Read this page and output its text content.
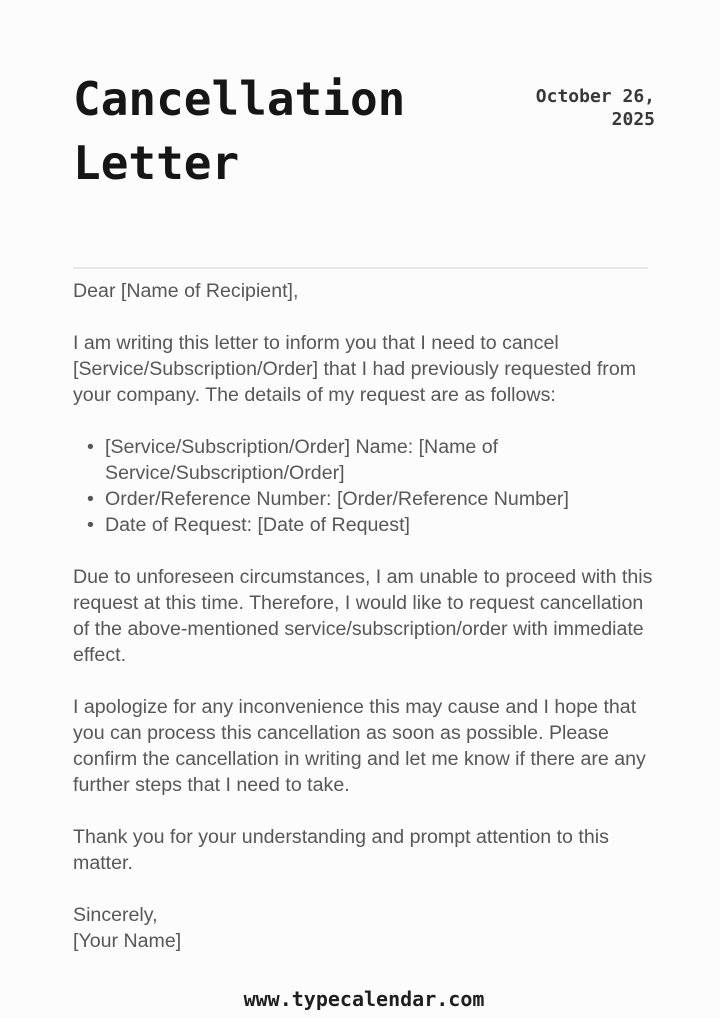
Cancellation Letter
October 26, 2025

Dear [Name of Recipient],

I am writing this letter to inform you that I need to cancel [Service/Subscription/Order] that I had previously requested from your company. The details of my request are as follows:

• [Service/Subscription/Order] Name: [Name of Service/Subscription/Order]
• Order/Reference Number: [Order/Reference Number]
• Date of Request: [Date of Request]

Due to unforeseen circumstances, I am unable to proceed with this request at this time. Therefore, I would like to request cancellation of the above-mentioned service/subscription/order with immediate effect.

I apologize for any inconvenience this may cause and I hope that you can process this cancellation as soon as possible. Please confirm the cancellation in writing and let me know if there are any further steps that I need to take.

Thank you for your understanding and prompt attention to this matter.

Sincerely,
[Your Name]

www.typecalendar.com
